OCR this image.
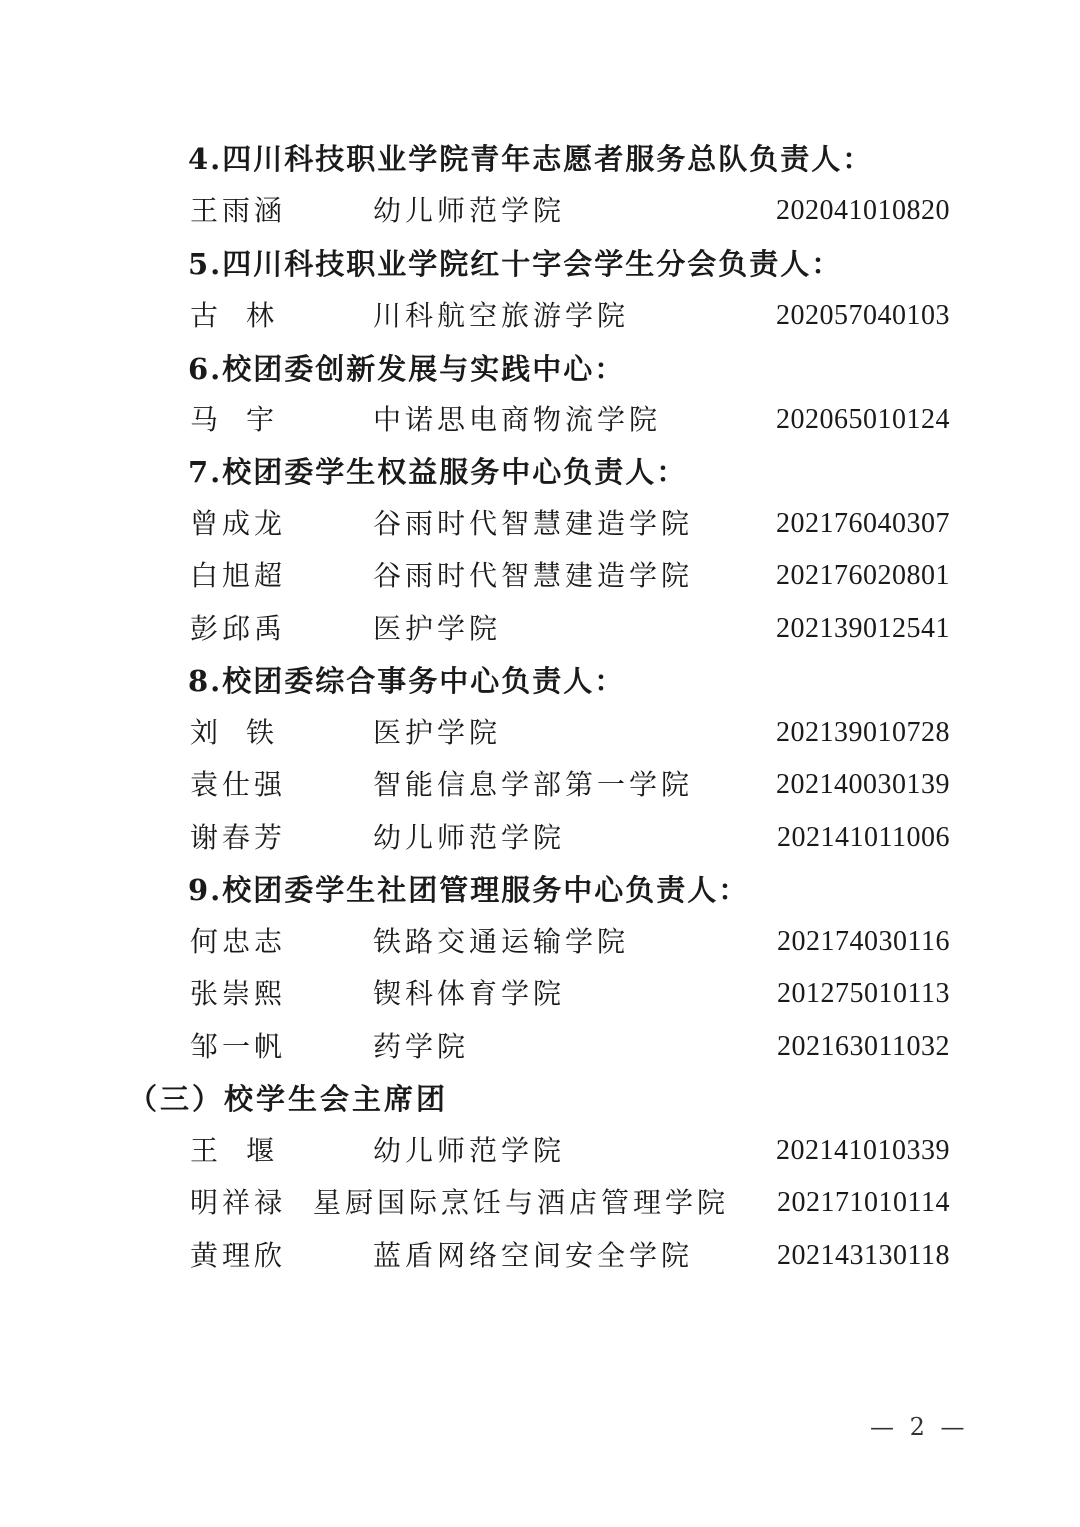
4.四川科技职业学院青年志愿者服务总队负责人：
王雨涵	幼儿师范学院	202041010820
5.四川科技职业学院红十字会学生分会负责人：
古林	川科航空旅游学院	202057040103
6.校团委创新发展与实践中心：
马宇	中诺思电商物流学院	202065010124
7.校团委学生权益服务中心负责人：
曾成龙	谷雨时代智慧建造学院	202176040307
白旭超	谷雨时代智慧建造学院	202176020801
彭邱禹	医护学院	202139012541
8.校团委综合事务中心负责人：
刘铁	医护学院	202139010728
袁仕强	智能信息学部第一学院	202140030139
谢春芳	幼儿师范学院	202141011006
9.校团委学生社团管理服务中心负责人：
何忠志	铁路交通运输学院	202174030116
张崇熙	锲科体育学院	201275010113
邹一帆	药学院	202163011032
（三）校学生会主席团
王堰	幼儿师范学院	202141010339
明祥禄 星厨国际烹饪与酒店管理学院 202171010114
黄理欣	蓝盾网络空间安全学院	202143130118
— 2 —
